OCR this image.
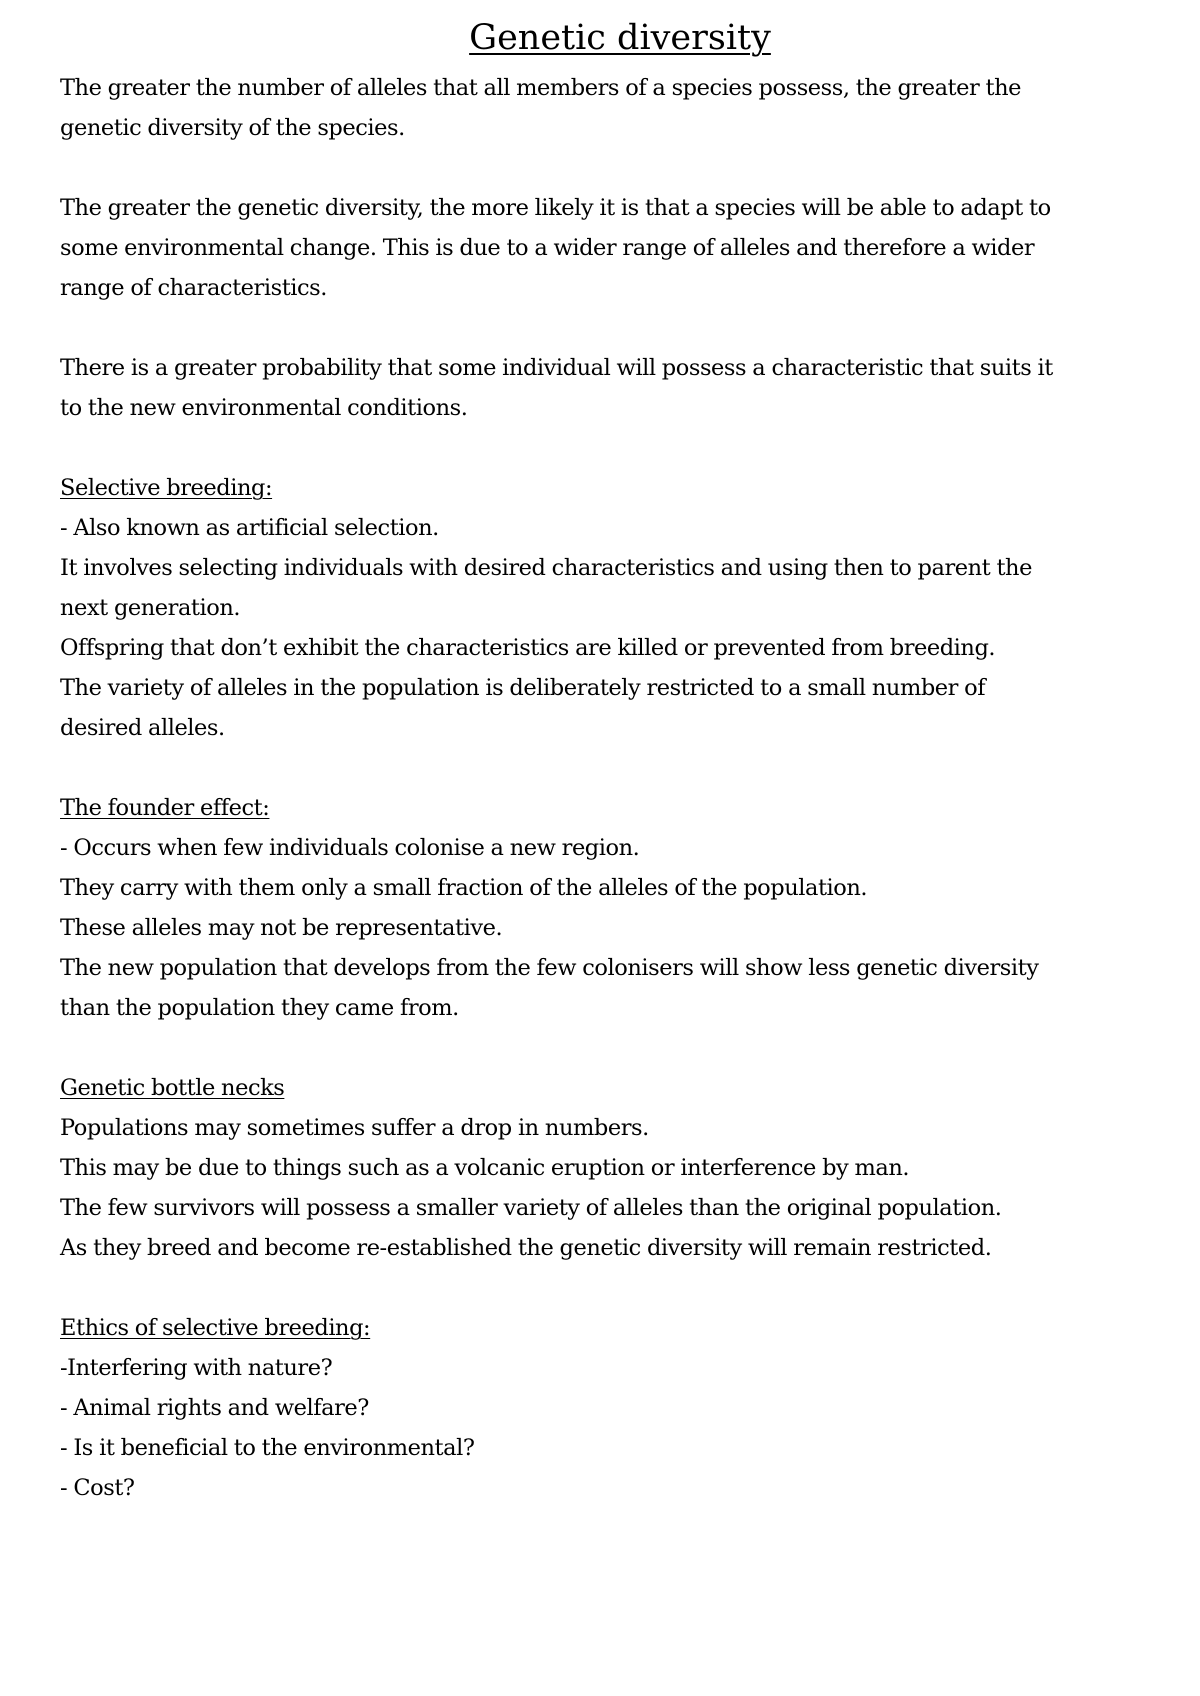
Genetic diversity
The greater the number of alleles that all members of a species possess, the greater the
genetic diversity of the species.
The greater the genetic diversity, the more likely it is that a species will be able to adapt to
some environmental change. This is due to a wider range of alleles and therefore a wider
range of characteristics.
There is a greater probability that some individual will possess a characteristic that suits it
to the new environmental conditions.
Selective breeding:
- Also known as artificial selection.
It involves selecting individuals with desired characteristics and using then to parent the
next generation.
Offspring that don’t exhibit the characteristics are killed or prevented from breeding.
The variety of alleles in the population is deliberately restricted to a small number of
desired alleles.
The founder effect:
- Occurs when few individuals colonise a new region.
They carry with them only a small fraction of the alleles of the population.
These alleles may not be representative.
The new population that develops from the few colonisers will show less genetic diversity
than the population they came from.
Genetic bottle necks
Populations may sometimes suffer a drop in numbers.
This may be due to things such as a volcanic eruption or interference by man.
The few survivors will possess a smaller variety of alleles than the original population.
As they breed and become re-established the genetic diversity will remain restricted.
Ethics of selective breeding:
-Interfering with nature?
- Animal rights and welfare?
- Is it beneficial to the environmental?
- Cost?
